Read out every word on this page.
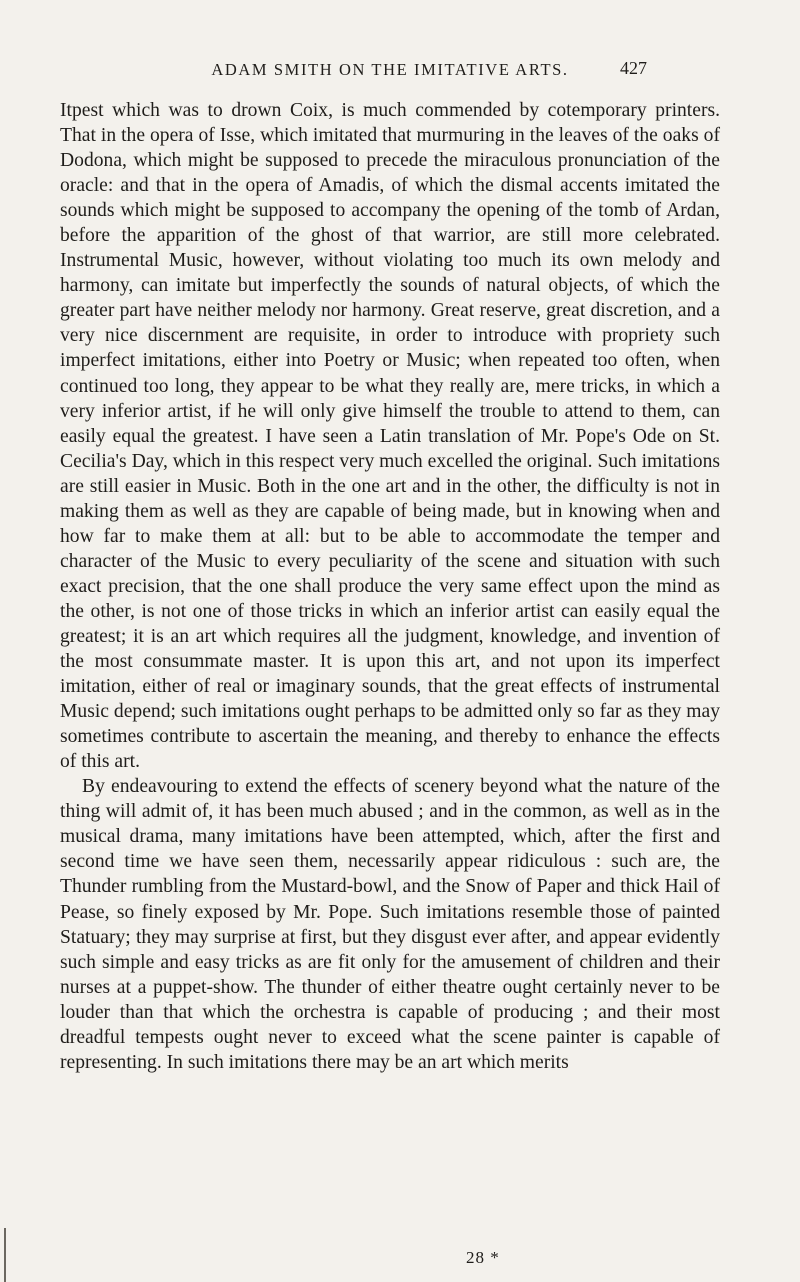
ADAM SMITH ON THE IMITATIVE ARTS.	427

Itpest which was to drown Coix, is much commended by cotemporary printers. That in the opera of Isse, which imitated that murmuring in the leaves of the oaks of Dodona, which might be supposed to precede the miraculous pronunciation of the oracle: and that in the opera of Amadis, of which the dismal accents imitated the sounds which might be supposed to accompany the opening of the tomb of Ardan, before the apparition of the ghost of that warrior, are still more celebrated. Instrumental Music, however, without violating too much its own melody and harmony, can imitate but imperfectly the sounds of natural objects, of which the greater part have neither melody nor harmony. Great reserve, great discretion, and a very nice discernment are requisite, in order to introduce with propriety such imperfect imitations, either into Poetry or Music; when repeated too often, when continued too long, they appear to be what they really are, mere tricks, in which a very inferior artist, if he will only give himself the trouble to attend to them, can easily equal the greatest. I have seen a Latin translation of Mr. Pope's Ode on St. Cecilia's Day, which in this respect very much excelled the original. Such imitations are still easier in Music. Both in the one art and in the other, the difficulty is not in making them as well as they are capable of being made, but in knowing when and how far to make them at all: but to be able to accommodate the temper and character of the Music to every peculiarity of the scene and situation with such exact precision, that the one shall produce the very same effect upon the mind as the other, is not one of those tricks in which an inferior artist can easily equal the greatest; it is an art which requires all the judgment, knowledge, and invention of the most consummate master. It is upon this art, and not upon its imperfect imitation, either of real or imaginary sounds, that the great effects of instrumental Music depend; such imitations ought perhaps to be admitted only so far as they may sometimes contribute to ascertain the meaning, and thereby to enhance the effects of this art.

By endeavouring to extend the effects of scenery beyond what the nature of the thing will admit of, it has been much abused ; and in the common, as well as in the musical drama, many imitations have been attempted, which, after the first and second time we have seen them, necessarily appear ridiculous : such are, the Thunder rumbling from the Mustard-bowl, and the Snow of Paper and thick Hail of Pease, so finely exposed by Mr. Pope. Such imitations resemble those of painted Statuary; they may surprise at first, but they disgust ever after, and appear evidently such simple and easy tricks as are fit only for the amusement of children and their nurses at a puppet-show. The thunder of either theatre ought certainly never to be louder than that which the orchestra is capable of producing ; and their most dreadful tempests ought never to exceed what the scene painter is capable of representing. In such imitations there may be an art which merits

28 *
